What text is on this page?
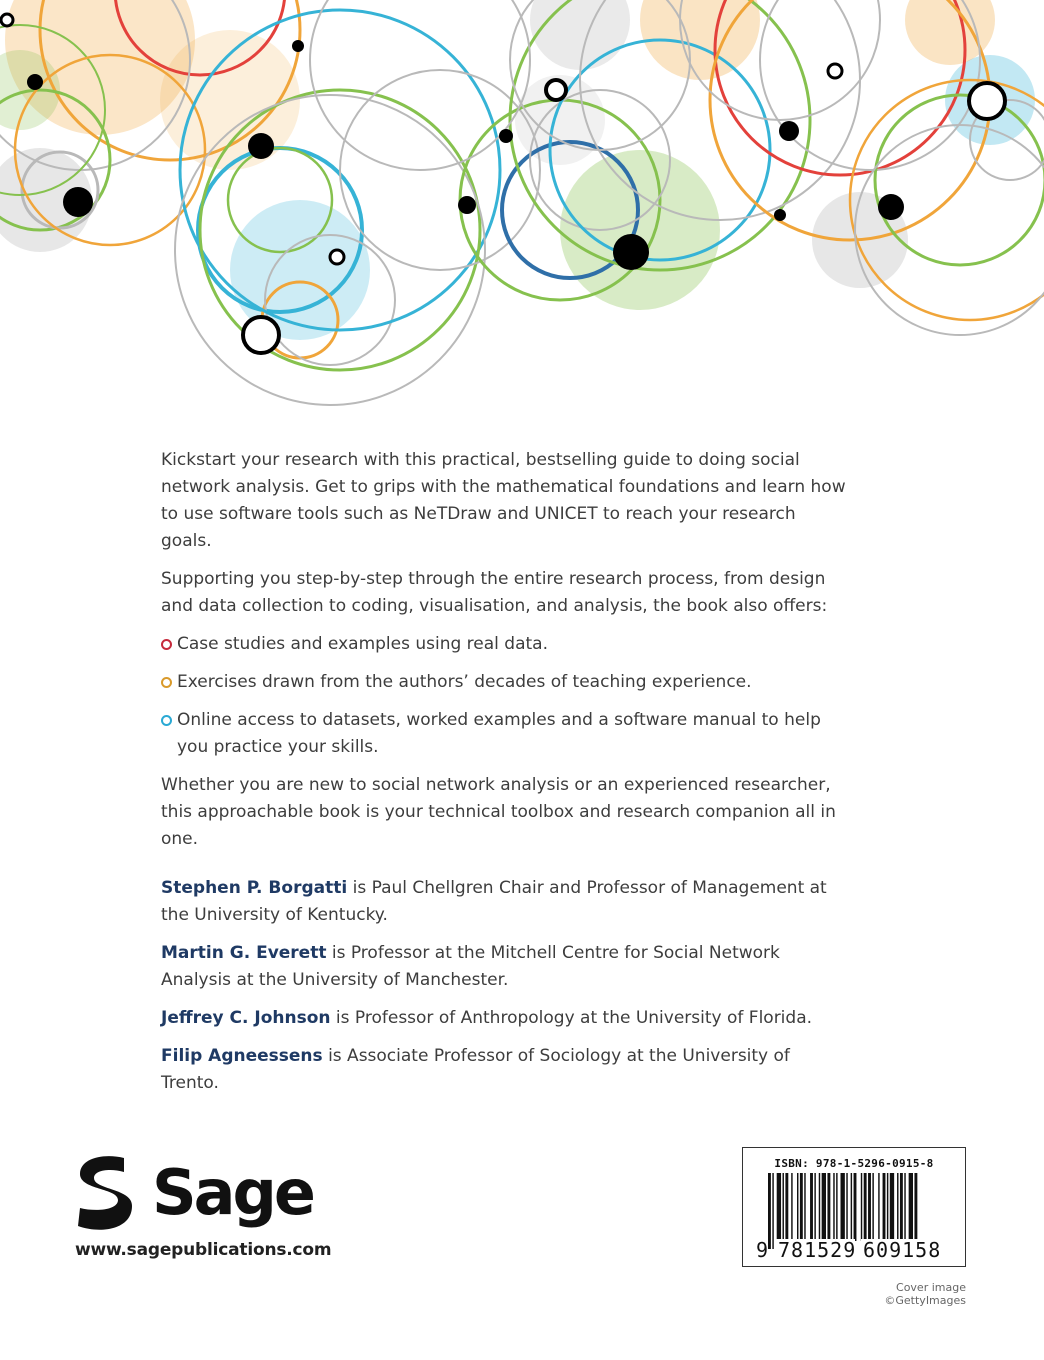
Kickstart your research with this practical, bestselling guide to doing social network analysis. Get to grips with the mathematical foundations and learn how to use software tools such as NeTDraw and UNICET to reach your research goals.

Supporting you step-by-step through the entire research process, from design and data collection to coding, visualisation, and analysis, the book also offers:

Case studies and examples using real data.
Exercises drawn from the authors’ decades of teaching experience.
Online access to datasets, worked examples and a software manual to help you practice your skills.

Whether you are new to social network analysis or an experienced researcher, this approachable book is your technical toolbox and research companion all in one.

Stephen P. Borgatti is Paul Chellgren Chair and Professor of Management at the University of Kentucky.

Martin G. Everett is Professor at the Mitchell Centre for Social Network Analysis at the University of Manchester.

Jeffrey C. Johnson is Professor of Anthropology at the University of Florida.

Filip Agneessens is Associate Professor of Sociology at the University of Trento.

Sage
www.sagepublications.com
ISBN: 978-1-5296-0915-8
9 781529 609158
Cover image ©GettyImages
